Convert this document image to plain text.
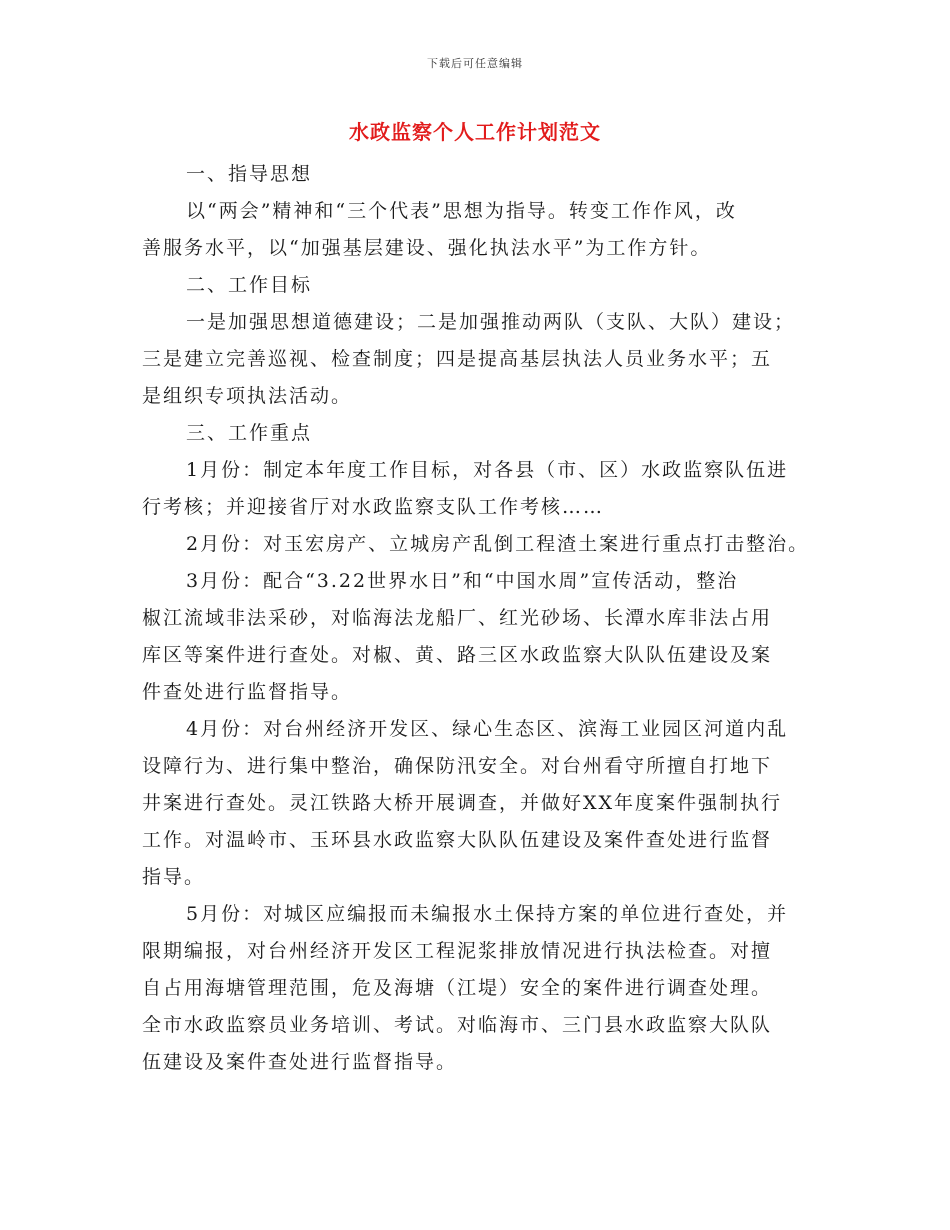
下载后可任意编辑
水政监察个人工作计划范文
一、指导思想
以“两会”精神和“三个代表”思想为指导。转变工作作风，改
善服务水平，以“加强基层建设、强化执法水平”为工作方针。
二、工作目标
一是加强思想道德建设；二是加强推动两队（支队、大队）建设；
三是建立完善巡视、检查制度；四是提高基层执法人员业务水平；五
是组织专项执法活动。
三、工作重点
1月份：制定本年度工作目标，对各县（市、区）水政监察队伍进
行考核；并迎接省厅对水政监察支队工作考核……
2月份：对玉宏房产、立城房产乱倒工程渣土案进行重点打击整治。
3月份：配合“3.22世界水日”和“中国水周”宣传活动，整治
椒江流域非法采砂，对临海法龙船厂、红光砂场、长潭水库非法占用
库区等案件进行查处。对椒、黄、路三区水政监察大队队伍建设及案
件查处进行监督指导。
4月份：对台州经济开发区、绿心生态区、滨海工业园区河道内乱
设障行为、进行集中整治，确保防汛安全。对台州看守所擅自打地下
井案进行查处。灵江铁路大桥开展调查，并做好XX年度案件强制执行
工作。对温岭市、玉环县水政监察大队队伍建设及案件查处进行监督
指导。
5月份：对城区应编报而未编报水土保持方案的单位进行查处，并
限期编报，对台州经济开发区工程泥浆排放情况进行执法检查。对擅
自占用海塘管理范围，危及海塘（江堤）安全的案件进行调查处理。
全市水政监察员业务培训、考试。对临海市、三门县水政监察大队队
伍建设及案件查处进行监督指导。
